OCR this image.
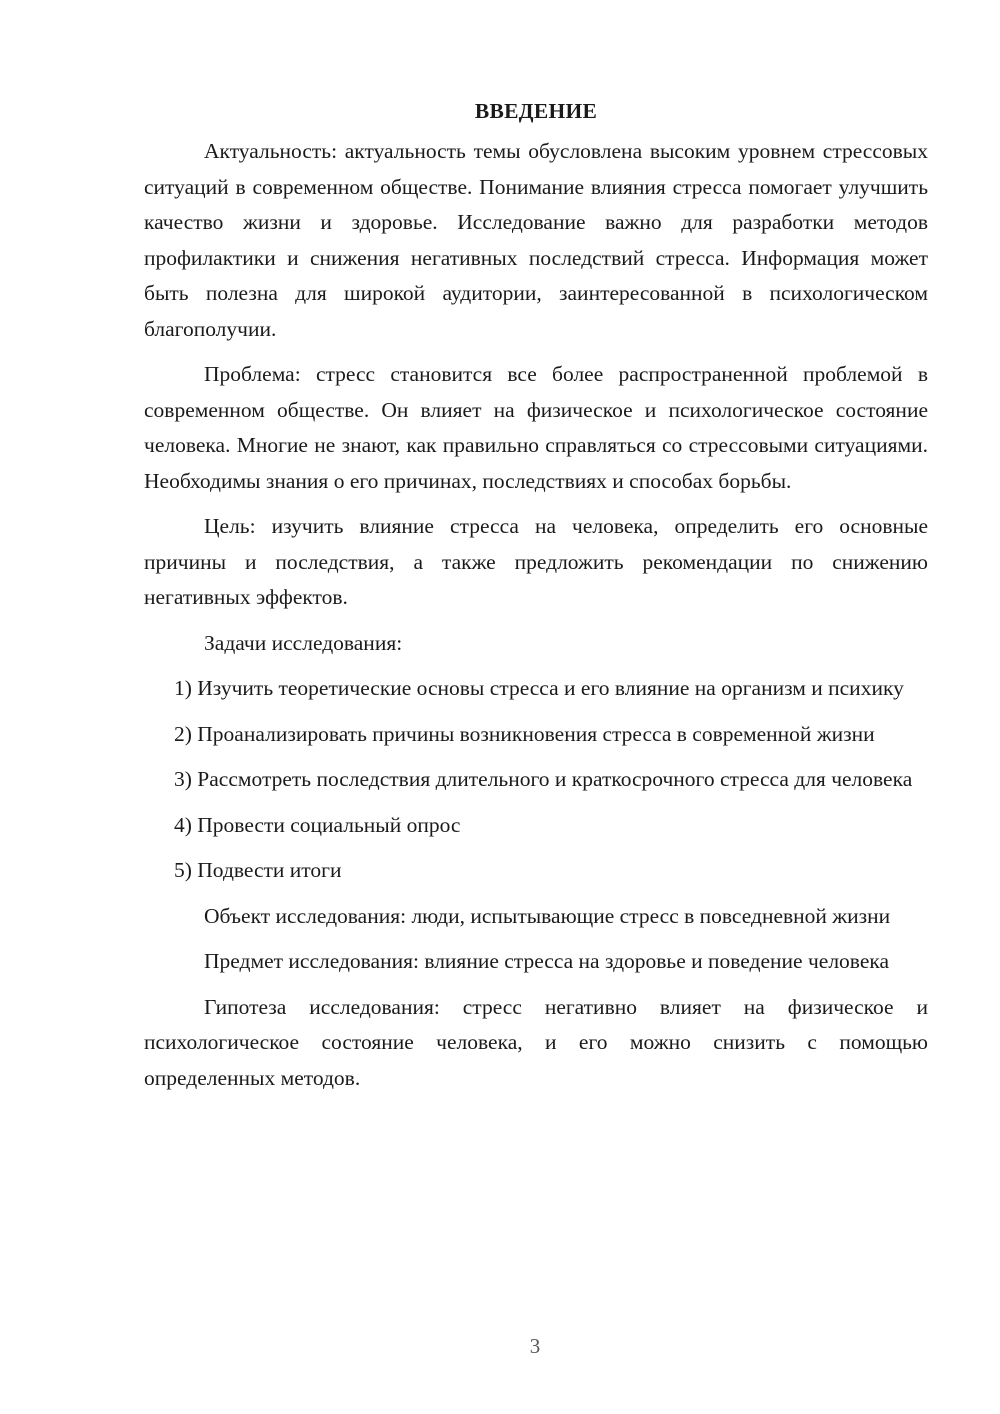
ВВЕДЕНИЕ

Актуальность: актуальность темы обусловлена высоким уровнем стрессовых ситуаций в современном обществе. Понимание влияния стресса помогает улучшить качество жизни и здоровье. Исследование важно для разработки методов профилактики и снижения негативных последствий стресса. Информация может быть полезна для широкой аудитории, заинтересованной в психологическом благополучии.

Проблема: стресс становится все более распространенной проблемой в современном обществе. Он влияет на физическое и психологическое состояние человека. Многие не знают, как правильно справляться со стрессовыми ситуациями. Необходимы знания о его причинах, последствиях и способах борьбы.

Цель: изучить влияние стресса на человека, определить его основные причины и последствия, а также предложить рекомендации по снижению негативных эффектов.

Задачи исследования:

1) Изучить теоретические основы стресса и его влияние на организм и психику

2) Проанализировать причины возникновения стресса в современной жизни

3) Рассмотреть последствия длительного и краткосрочного стресса для человека

4) Провести социальный опрос

5) Подвести итоги

Объект исследования: люди, испытывающие стресс в повседневной жизни

Предмет исследования: влияние стресса на здоровье и поведение человека

Гипотеза исследования: стресс негативно влияет на физическое и психологическое состояние человека, и его можно снизить с помощью определенных методов.

3
